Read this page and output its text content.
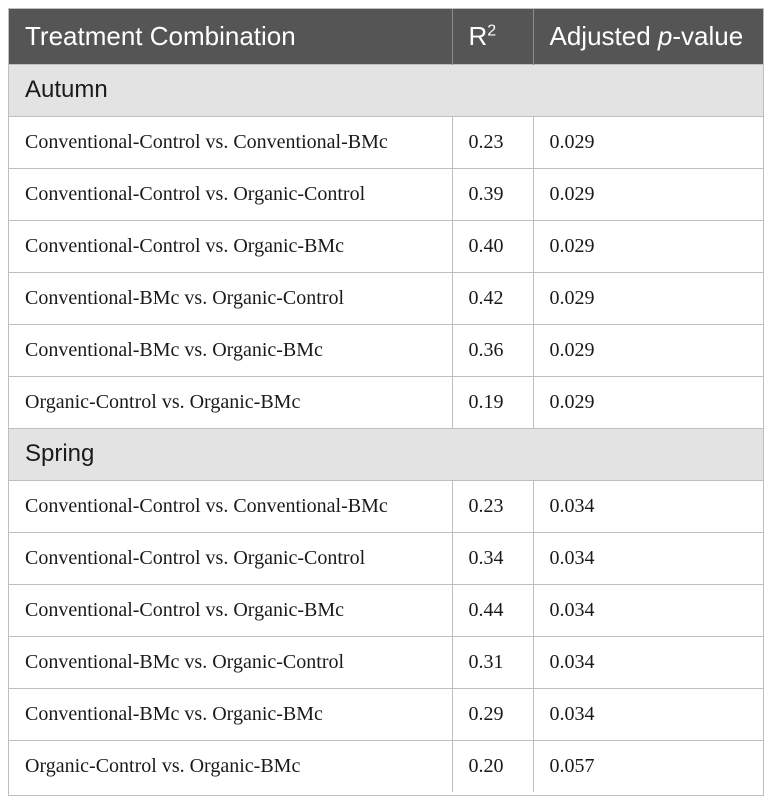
Treatment Combination	$R^2$	Adjusted p-value
Autumn		
Conventional-Control vs. Conventional-BMc	0.23	0.029
Conventional-Control vs. Organic-Control	0.39	0.029
Conventional-Control vs. Organic-BMc	0.40	0.029
Conventional-BMc vs. Organic-Control	0.42	0.029
Conventional-BMc vs. Organic-BMc	0.36	0.029
Organic-Control vs. Organic-BMc	0.19	0.029
Spring		
Conventional-Control vs. Conventional-BMc	0.23	0.034
Conventional-Control vs. Organic-Control	0.34	0.034
Conventional-Control vs. Organic-BMc	0.44	0.034
Conventional-BMc vs. Organic-Control	0.31	0.034
Conventional-BMc vs. Organic-BMc	0.29	0.034
Organic-Control vs. Organic-BMc	0.20	0.057
